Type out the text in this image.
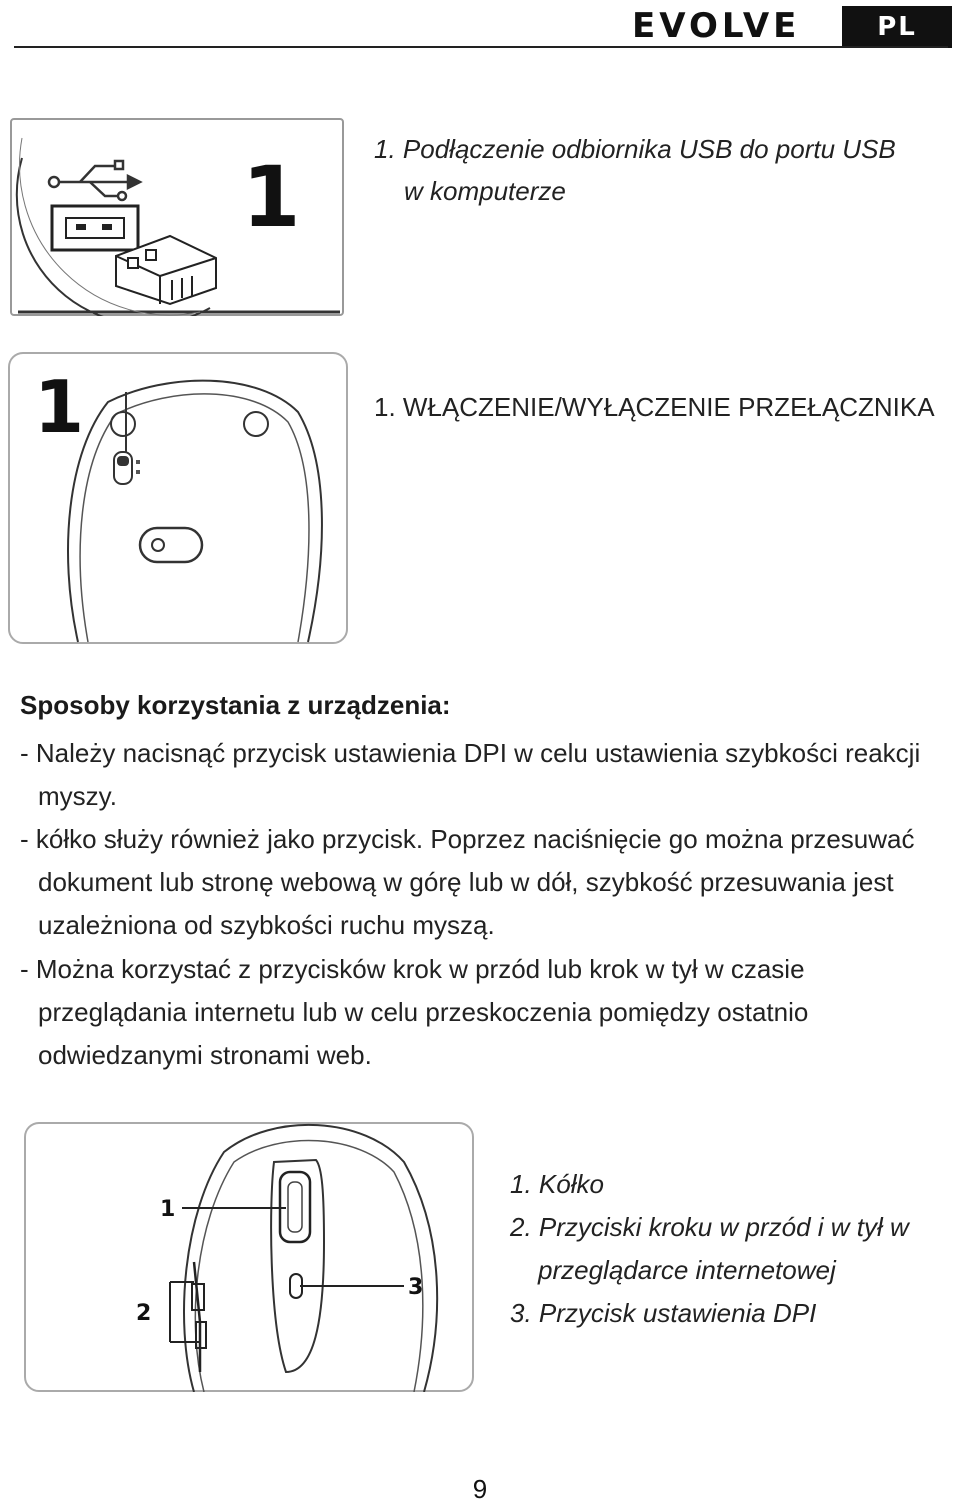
EVOLVE	PL
1	1. Podłączenie odbiornika USB do portu USB
w komputerze
1	1. WŁĄCZENIE/WYŁĄCZENIE PRZEŁĄCZNIKA
Sposoby korzystania z urządzenia:
- Należy nacisnąć przycisk ustawienia DPI w celu ustawienia szybkości reakcji myszy.
- kółko służy również jako przycisk. Poprzez naciśnięcie go można przesuwać dokument lub stronę webową w górę lub w dół, szybkość przesuwania jest uzależniona od szybkości ruchu myszą.
- Można korzystać z przycisków krok w przód lub krok w tył w czasie przeglądania internetu lub w celu przeskoczenia pomiędzy ostatnio odwiedzanymi stronami web.
1
2
3
1. Kółko
2. Przyciski kroku w przód i w tył w
przeglądarce internetowej
3. Przycisk ustawienia DPI
9
